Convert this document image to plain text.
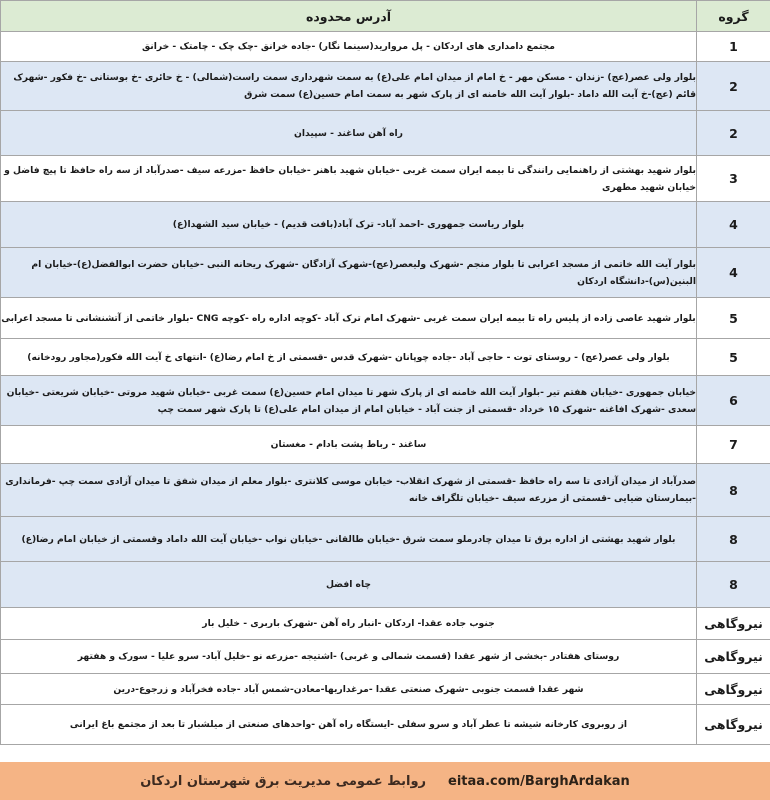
گروه	آدرس محدوده
1	مجتمع دامداری های اردکان - پل مروارید(سینما نگار) -جاده خرانق -چک چک - چامتک - خرانق
2	بلوار ولی عصر(عج) -زندان - مسکن مهر - خ امام از میدان امام علی(ع) به سمت شهرداری سمت راست(شمالی) - خ حائری -خ بوستانی -خ فکور -شهرک قائم (عج)-خ آیت الله داماد -بلوار آیت الله خامنه ای از پارک شهر به سمت امام حسین(ع) سمت شرق
2	راه آهن ساغند - سپیدان
3	بلوار شهید بهشتی از راهنمایی رانندگی تا بیمه ایران سمت غربی -خیابان شهید باهنر -خیابان حافظ -مزرعه سیف -صدرآباد از سه راه حافظ تا پیچ فاضل و خیابان شهید مطهری
4	بلوار ریاست جمهوری -احمد آباد- ترک آباد(بافت قدیم) - خیابان سید الشهدا(ع)
4	بلوار آیت الله خاتمی از مسجد اعرابی تا بلوار منجم -شهرک ولیعصر(عج)-شهرک آزادگان -شهرک ریحانه النبی -خیابان حضرت ابوالفضل(ع)-خیابان ام البنین(س)-دانشگاه اردکان
5	بلوار شهید عاصی زاده از پلیس راه تا بیمه ایران سمت غربی -شهرک امام ترک آباد -کوچه اداره راه -کوچه CNG -بلوار خاتمی از آتشنشانی تا مسجد اعرابی
5	بلوار ولی عصر(عج) - روستای توت - حاجی آباد -جاده چوپانان -شهرک قدس -قسمتی از خ امام رضا(ع) -انتهای خ آیت الله فکور(مجاور رودخانه)
6	خیابان جمهوری -خیابان هفتم تیر -بلوار آیت الله خامنه ای از پارک شهر تا میدان امام حسین(ع) سمت غربی -خیابان شهید مروتی -خیابان شریعتی -خیابان سعدی -شهرک افاغنه -شهرک ۱۵ خرداد -قسمتی از جنت آباد - خیابان امام از میدان امام علی(ع) تا پارک شهر سمت چپ
7	ساغند - رباط پشت بادام - مغستان
8	صدرآباد از میدان آزادی تا سه راه حافظ -قسمتی از شهرک انقلاب- خیابان موسی کلانتری -بلوار معلم از میدان شفق تا میدان آزادی سمت چپ -فرمانداری -بیمارستان ضیایی -قسمتی از مزرعه سیف -خیابان تلگراف خانه
8	بلوار شهید بهشتی از اداره برق تا میدان چادرملو سمت شرق -خیابان طالقانی -خیابان نواب -خیابان آیت الله داماد وقسمتی از خیابان امام رضا(ع)
8	چاه افضل
نیروگاهی	جنوب جاده عقدا- اردکان -انبار راه آهن -شهرک باربری - خلیل بار
نیروگاهی	روستای هفتادر -بخشی از شهر عقدا (قسمت شمالی و غربی) -اشتیجه -مزرعه نو -خلیل آباد- سرو علیا - سورک و هفتهر
نیروگاهی	شهر عقدا قسمت جنوبی -شهرک صنعتی عقدا -مرغداریها-معادن-شمس آباد -جاده فخرآباد و زرجوع-درین
نیروگاهی	از روبروی کارخانه شیشه تا عطر آباد و سرو سفلی -ایستگاه راه آهن -واحدهای صنعتی از میلشبار تا بعد از مجتمع باغ ایرانی
روابط عمومی مدیریت برق شهرستان اردکان eitaa.com/BarghArdakan
